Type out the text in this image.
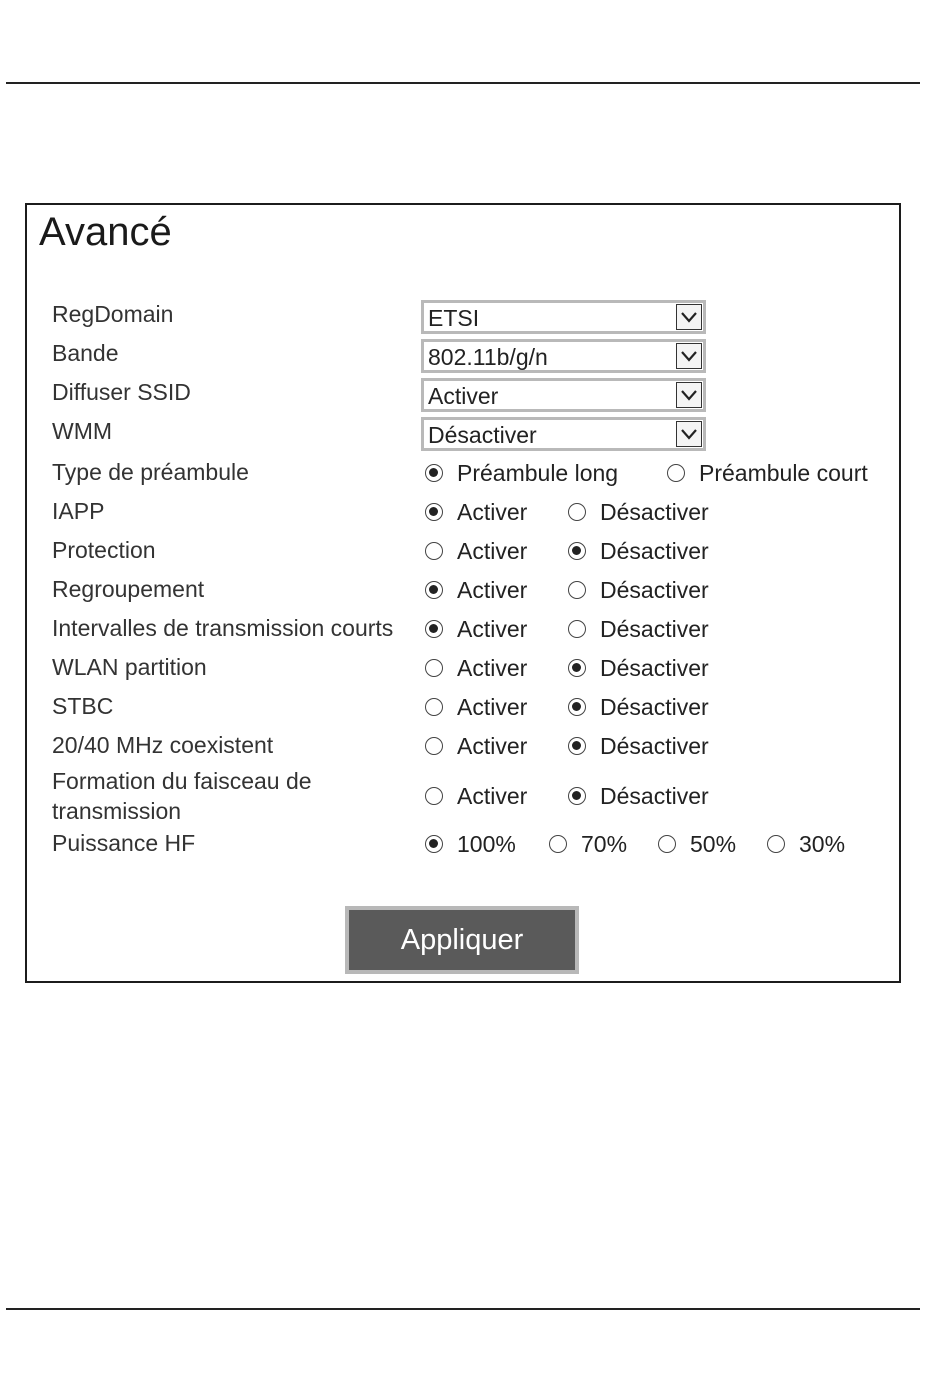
Avancé
RegDomain	ETSI
Bande	802.11b/g/n
Diffuser SSID	Activer
WMM	Désactiver
Type de préambule	Préambule long	Préambule court
IAPP	Activer	Désactiver
Protection	Activer	Désactiver
Regroupement	Activer	Désactiver
Intervalles de transmission courts	Activer	Désactiver
WLAN partition	Activer	Désactiver
STBC	Activer	Désactiver
20/40 MHz coexistent	Activer	Désactiver
Formation du faisceau de
transmission
Activer	Désactiver
Puissance HF	100%	70%	50%	30%
Appliquer
